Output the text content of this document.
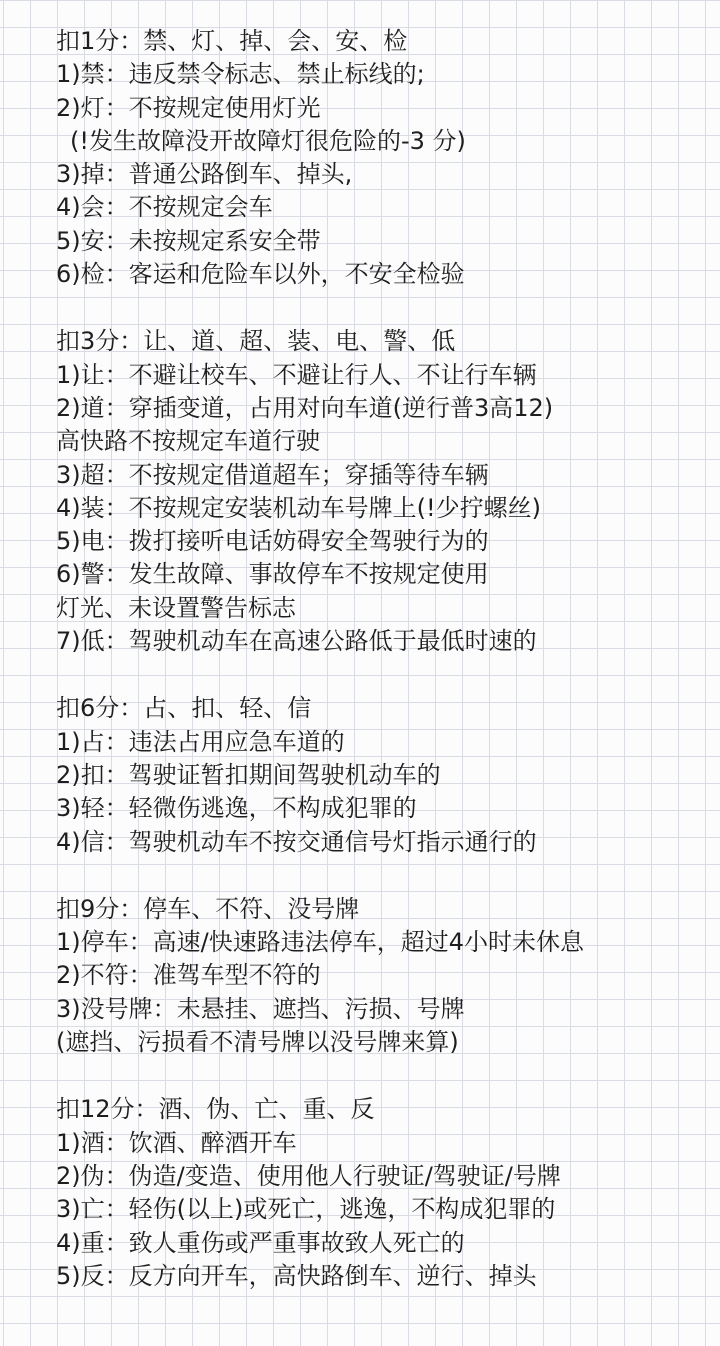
扣1分：禁、灯、掉、会、安、检
1)禁：违反禁令标志、禁止标线的;
2)灯：不按规定使用灯光
(!发生故障没开故障灯很危险的-3 分)
3)掉：普通公路倒车、掉头,
4)会：不按规定会车
5)安：未按规定系安全带
6)检：客运和危险车以外，不安全检验
扣3分：让、道、超、装、电、警、低
1)让：不避让校车、不避让行人、不让行车辆
2)道：穿插变道，占用对向车道(逆行普3高12)
高快路不按规定车道行驶
3)超：不按规定借道超车；穿插等待车辆
4)装：不按规定安装机动车号牌上(!少拧螺丝)
5)电：拨打接听电话妨碍安全驾驶行为的
6)警：发生故障、事故停车不按规定使用
灯光、未设置警告标志
7)低：驾驶机动车在高速公路低于最低时速的
扣6分：占、扣、轻、信
1)占：违法占用应急车道的
2)扣：驾驶证暂扣期间驾驶机动车的
3)轻：轻微伤逃逸，不构成犯罪的
4)信：驾驶机动车不按交通信号灯指示通行的
扣9分：停车、不符、没号牌
1)停车：高速/快速路违法停车，超过4小时未休息
2)不符：准驾车型不符的
3)没号牌：未悬挂、遮挡、污损、号牌
(遮挡、污损看不清号牌以没号牌来算)
扣12分：酒、伪、亡、重、反
1)酒：饮酒、醉酒开车
2)伪：伪造/变造、使用他人行驶证/驾驶证/号牌
3)亡：轻伤(以上)或死亡，逃逸，不构成犯罪的
4)重：致人重伤或严重事故致人死亡的
5)反：反方向开车，高快路倒车、逆行、掉头
